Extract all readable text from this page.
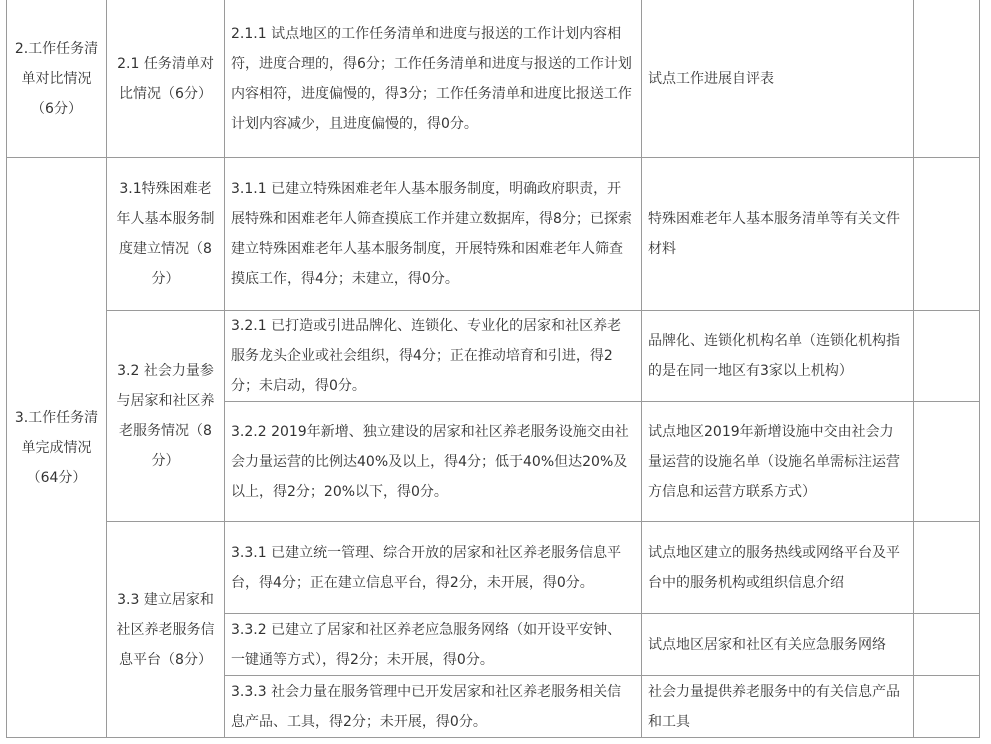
2.工作任务清单对比情况（6分）	2.1 任务清单对比情况（6分）	2.1.1 试点地区的工作任务清单和进度与报送的工作计划内容相符，进度合理的，得6分；工作任务清单和进度与报送的工作计划内容相符，进度偏慢的，得3分；工作任务清单和进度比报送工作计划内容减少，且进度偏慢的，得0分。	试点工作进展自评表	
3.工作任务清单完成情况（64分）	3.1特殊困难老年人基本服务制度建立情况（8分）	3.1.1 已建立特殊困难老年人基本服务制度，明确政府职责，开展特殊和困难老年人筛查摸底工作并建立数据库，得8分；已探索建立特殊困难老年人基本服务制度，开展特殊和困难老年人筛查摸底工作，得4分；未建立，得0分。	特殊困难老年人基本服务清单等有关文件材料	
	3.2 社会力量参与居家和社区养老服务情况（8分）	3.2.1 已打造或引进品牌化、连锁化、专业化的居家和社区养老服务龙头企业或社会组织，得4分；正在推动培育和引进，得2分；未启动，得0分。	品牌化、连锁化机构名单（连锁化机构指的是在同一地区有3家以上机构）	
		3.2.2 2019年新增、独立建设的居家和社区养老服务设施交由社会力量运营的比例达40%及以上，得4分；低于40%但达20%及以上，得2分；20%以下，得0分。	试点地区2019年新增设施中交由社会力量运营的设施名单（设施名单需标注运营方信息和运营方联系方式）	
	3.3 建立居家和社区养老服务信息平台（8分）	3.3.1 已建立统一管理、综合开放的居家和社区养老服务信息平台，得4分；正在建立信息平台，得2分，未开展，得0分。	试点地区建立的服务热线或网络平台及平台中的服务机构或组织信息介绍	
		3.3.2 已建立了居家和社区养老应急服务网络（如开设平安钟、一键通等方式），得2分；未开展，得0分。	试点地区居家和社区有关应急服务网络	
		3.3.3 社会力量在服务管理中已开发居家和社区养老服务相关信息产品、工具，得2分；未开展，得0分。	社会力量提供养老服务中的有关信息产品和工具	
